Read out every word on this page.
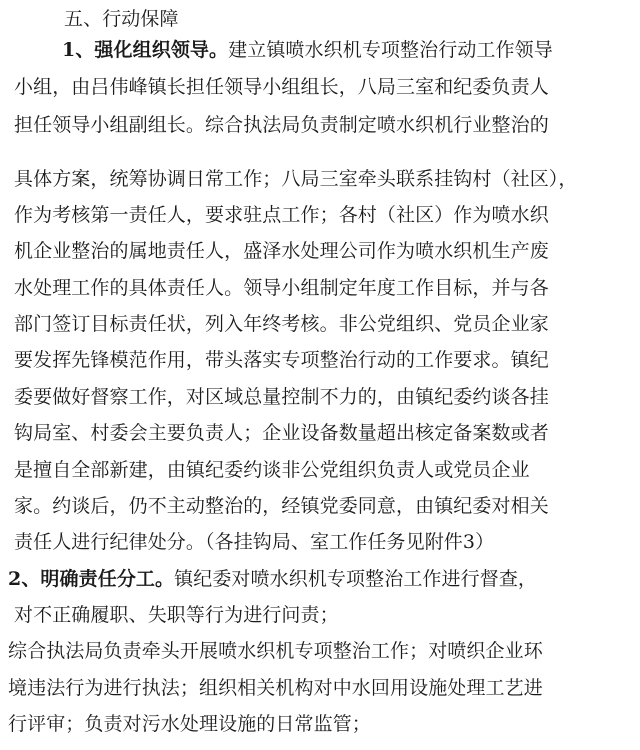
五、行动保障
1、强化组织领导。建立镇喷水织机专项整治行动工作领导
小组，由吕伟峰镇长担任领导小组组长，八局三室和纪委负责人
担任领导小组副组长。综合执法局负责制定喷水织机行业整治的
具体方案，统筹协调日常工作；八局三室牵头联系挂钩村（社区），
作为考核第一责任人，要求驻点工作；各村（社区）作为喷水织
机企业整治的属地责任人，盛泽水处理公司作为喷水织机生产废
水处理工作的具体责任人。领导小组制定年度工作目标，并与各
部门签订目标责任状，列入年终考核。非公党组织、党员企业家
要发挥先锋模范作用，带头落实专项整治行动的工作要求。镇纪
委要做好督察工作，对区域总量控制不力的，由镇纪委约谈各挂
钩局室、村委会主要负责人；企业设备数量超出核定备案数或者
是擅自全部新建，由镇纪委约谈非公党组织负责人或党员企业
家。约谈后，仍不主动整治的，经镇党委同意，由镇纪委对相关
责任人进行纪律处分。（各挂钩局、室工作任务见附件3）
2、明确责任分工。镇纪委对喷水织机专项整治工作进行督查，
对不正确履职、失职等行为进行问责；
综合执法局负责牵头开展喷水织机专项整治工作；对喷织企业环
境违法行为进行执法；组织相关机构对中水回用设施处理工艺进
行评审；负责对污水处理设施的日常监管；
